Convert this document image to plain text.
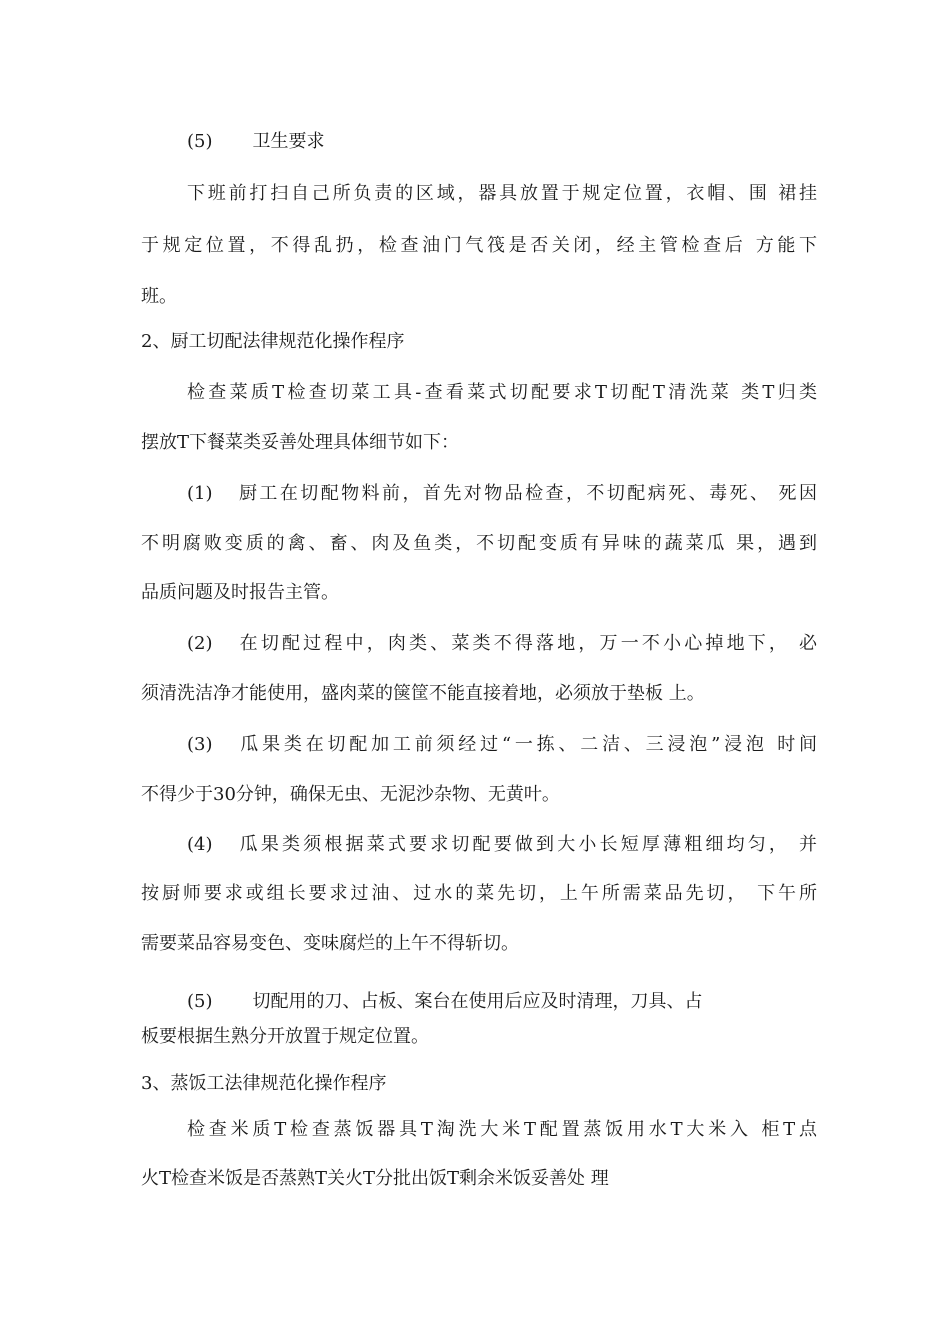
(5) 卫生要求
下班前打扫自己所负责的区域，器具放置于规定位置，衣帽、围 裙挂
于规定位置，不得乱扔，检查油门气筏是否关闭，经主管检查后 方能下
班。
2、厨工切配法律规范化操作程序
检查菜质T检查切菜工具-查看菜式切配要求T切配T清洗菜 类T归类
摆放T下餐菜类妥善处理具体细节如下：
(1) 厨工在切配物料前，首先对物品检查，不切配病死、毒死、 死因
不明腐败变质的禽、畜、肉及鱼类，不切配变质有异味的蔬菜瓜 果，遇到
品质问题及时报告主管。
(2) 在切配过程中，肉类、菜类不得落地，万一不小心掉地下， 必
须清洗洁净才能使用，盛肉菜的箧筐不能直接着地，必须放于垫板 上。
(3) 瓜果类在切配加工前须经过“一拣、二洁、三浸泡”浸泡 时间
不得少于30分钟，确保无虫、无泥沙杂物、无黄叶。
(4) 瓜果类须根据菜式要求切配要做到大小长短厚薄粗细均匀， 并
按厨师要求或组长要求过油、过水的菜先切，上午所需菜品先切， 下午所
需要菜品容易变色、变味腐烂的上午不得斩切。
(5) 切配用的刀、占板、案台在使用后应及时清理，刀具、占
板要根据生熟分开放置于规定位置。
3、蒸饭工法律规范化操作程序
检查米质T检查蒸饭器具T淘洗大米T配置蒸饭用水T大米入 柜T点
火T检查米饭是否蒸熟T关火T分批出饭T剩余米饭妥善处 理
